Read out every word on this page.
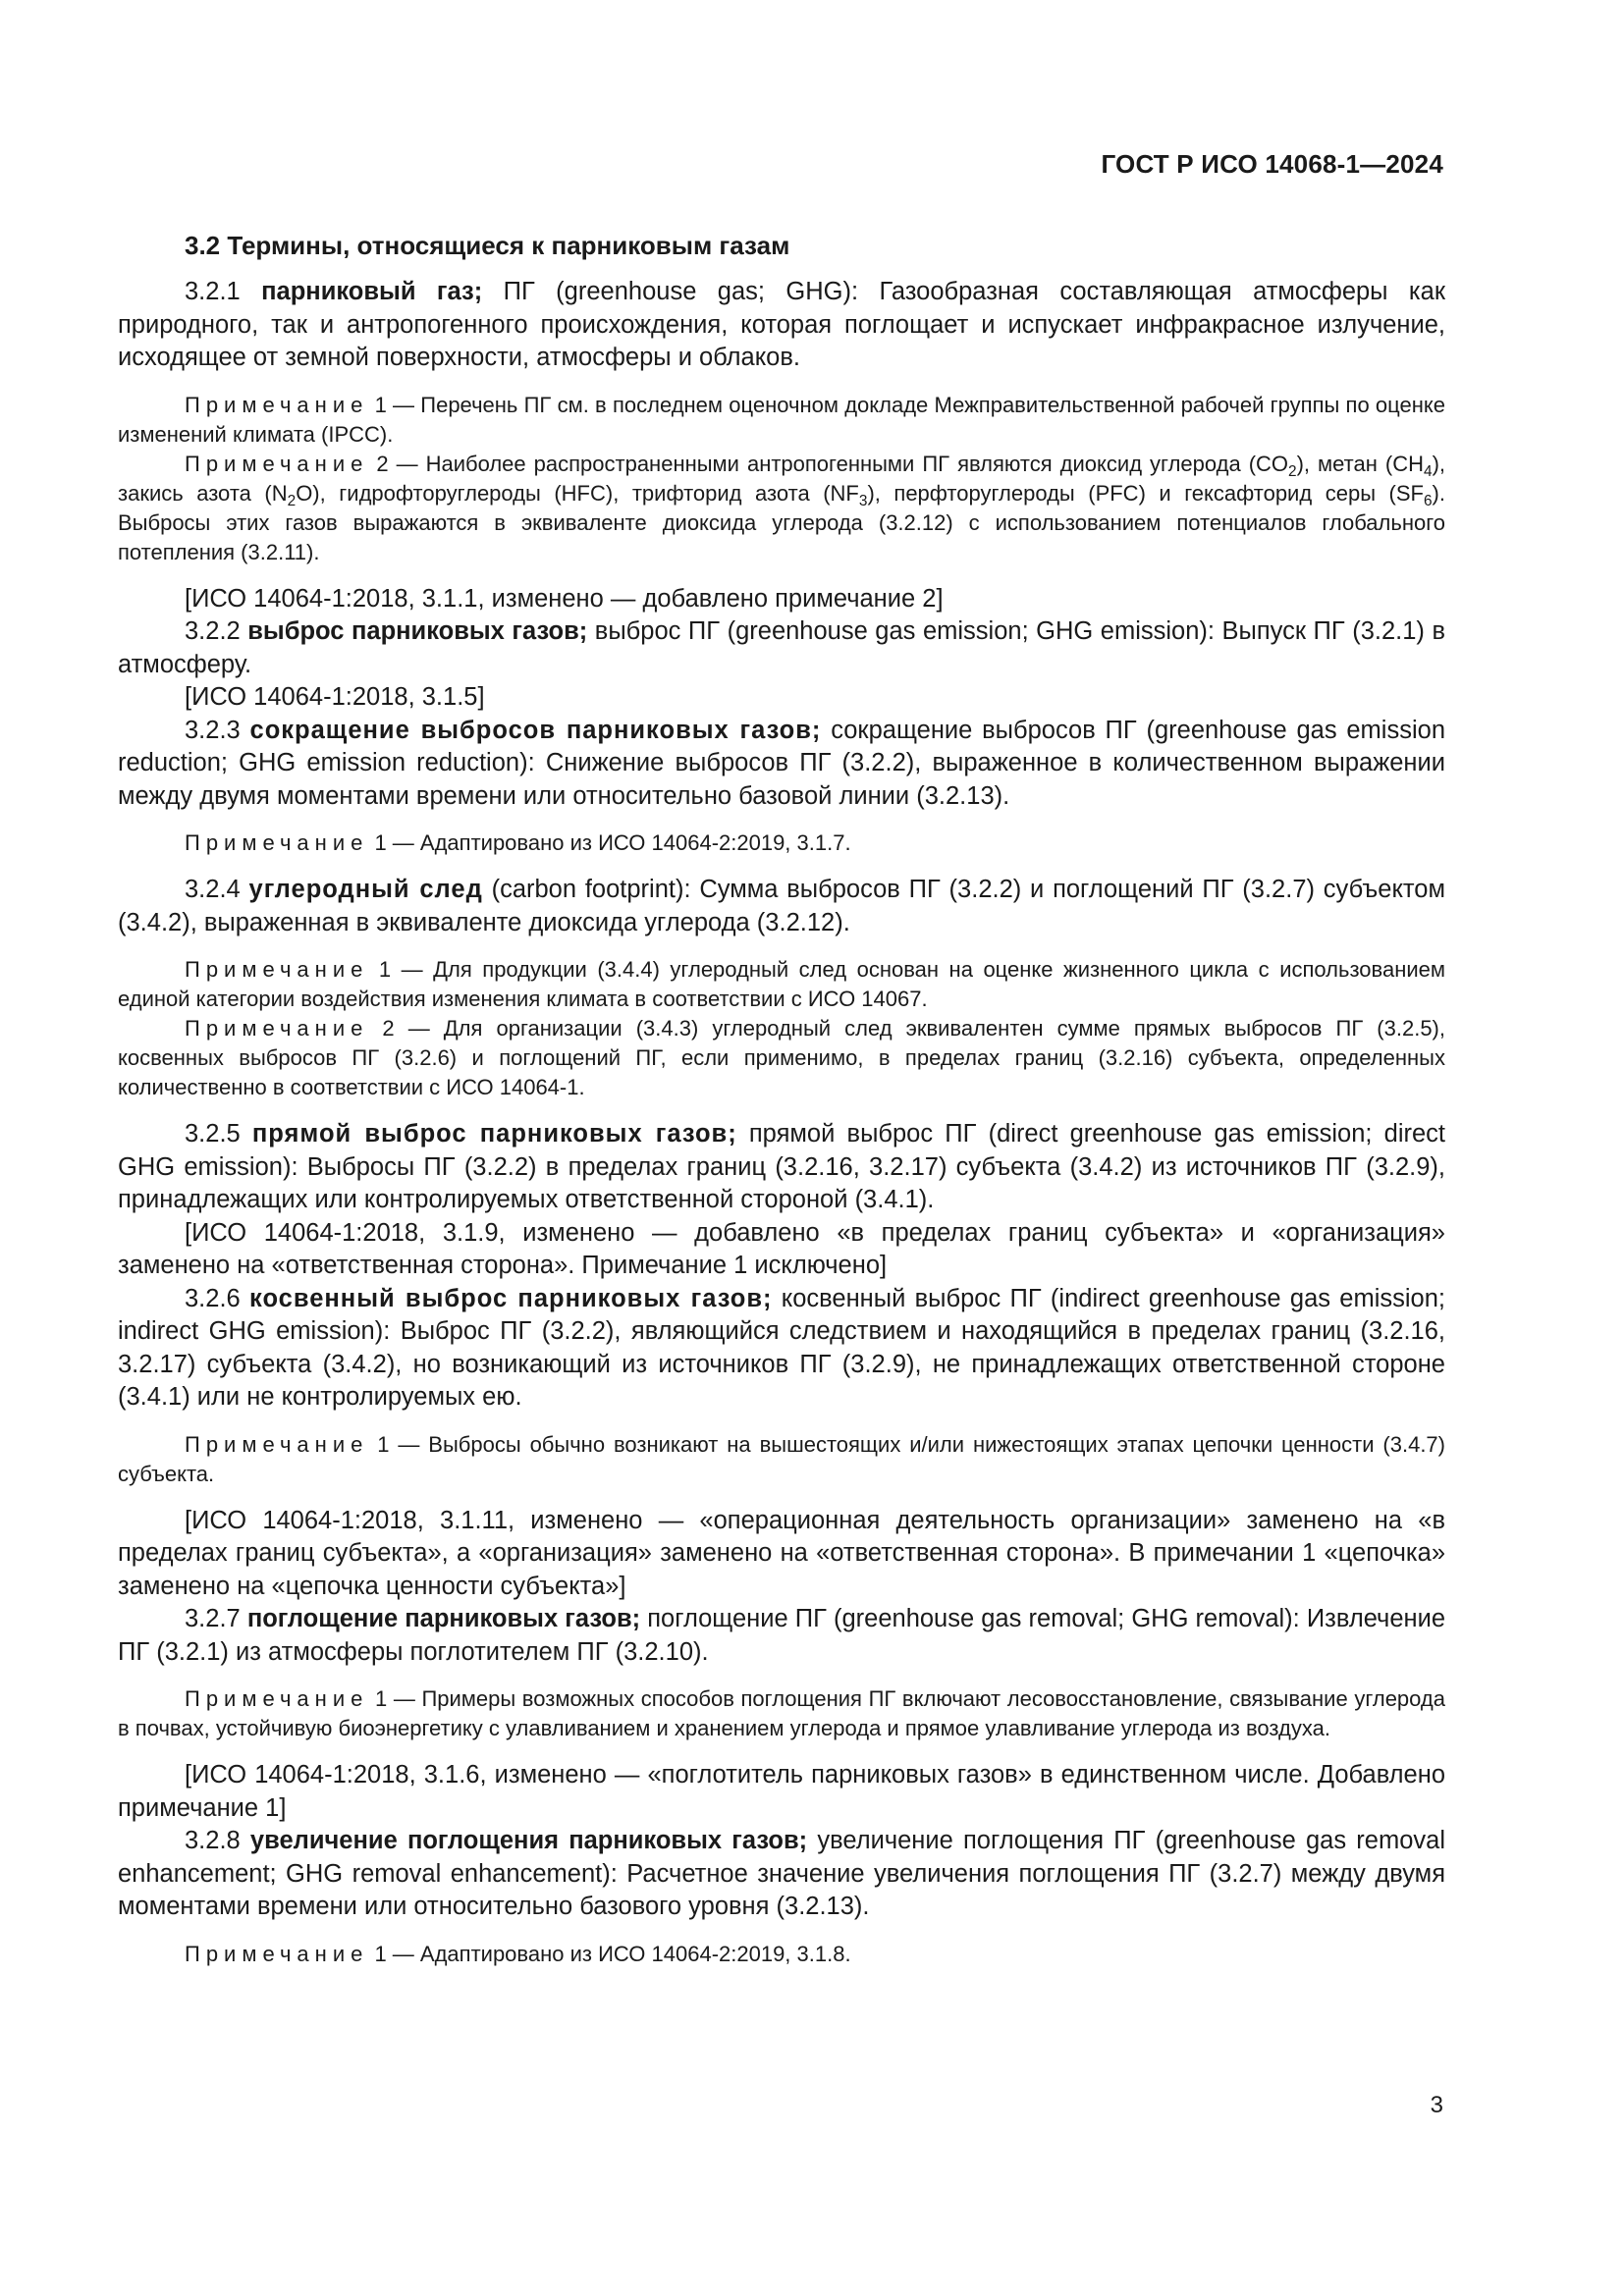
ГОСТ Р ИСО 14068-1—2024
3.2 Термины, относящиеся к парниковым газам

3.2.1 парниковый газ; ПГ (greenhouse gas; GHG): Газообразная составляющая атмосферы как природного, так и антропогенного происхождения, которая поглощает и испускает инфракрасное излучение, исходящее от земной поверхности, атмосферы и облаков.

Примечание 1 — Перечень ПГ см. в последнем оценочном докладе Межправительственной рабочей группы по оценке изменений климата (IPCC).

Примечание 2 — Наиболее распространенными антропогенными ПГ являются диоксид углерода $(CO_2)$, метан $(CH_4)$, закись азота $(N_2O)$, гидрофторуглероды (HFC), трифторид азота $(NF_3)$, перфторуглероды (PFC) и гексафторид серы $(SF_6)$. Выбросы этих газов выражаются в эквиваленте диоксида углерода (3.2.12) с использованием потенциалов глобального потепления (3.2.11).

[ИСО 14064-1:2018, 3.1.1, изменено — добавлено примечание 2]

3.2.2 выброс парниковых газов; выброс ПГ (greenhouse gas emission; GHG emission): Выпуск ПГ (3.2.1) в атмосферу.

[ИСО 14064-1:2018, 3.1.5]

3.2.3 сокращение выбросов парниковых газов; сокращение выбросов ПГ (greenhouse gas emission reduction; GHG emission reduction): Снижение выбросов ПГ (3.2.2), выраженное в количественном выражении между двумя моментами времени или относительно базовой линии (3.2.13).

Примечание 1 — Адаптировано из ИСО 14064-2:2019, 3.1.7.

3.2.4 углеродный след (carbon footprint): Сумма выбросов ПГ (3.2.2) и поглощений ПГ (3.2.7) субъектом (3.4.2), выраженная в эквиваленте диоксида углерода (3.2.12).

Примечание 1 — Для продукции (3.4.4) углеродный след основан на оценке жизненного цикла с использованием единой категории воздействия изменения климата в соответствии с ИСО 14067.

Примечание 2 — Для организации (3.4.3) углеродный след эквивалентен сумме прямых выбросов ПГ (3.2.5), косвенных выбросов ПГ (3.2.6) и поглощений ПГ, если применимо, в пределах границ (3.2.16) субъекта, определенных количественно в соответствии с ИСО 14064-1.

3.2.5 прямой выброс парниковых газов; прямой выброс ПГ (direct greenhouse gas emission; direct GHG emission): Выбросы ПГ (3.2.2) в пределах границ (3.2.16, 3.2.17) субъекта (3.4.2) из источников ПГ (3.2.9), принадлежащих или контролируемых ответственной стороной (3.4.1).

[ИСО 14064-1:2018, 3.1.9, изменено — добавлено «в пределах границ субъекта» и «организация» заменено на «ответственная сторона». Примечание 1 исключено]

3.2.6 косвенный выброс парниковых газов; косвенный выброс ПГ (indirect greenhouse gas emission; indirect GHG emission): Выброс ПГ (3.2.2), являющийся следствием и находящийся в пределах границ (3.2.16, 3.2.17) субъекта (3.4.2), но возникающий из источников ПГ (3.2.9), не принадлежащих ответственной стороне (3.4.1) или не контролируемых ею.

Примечание 1 — Выбросы обычно возникают на вышестоящих и/или нижестоящих этапах цепочки ценности (3.4.7) субъекта.

[ИСО 14064-1:2018, 3.1.11, изменено — «операционная деятельность организации» заменено на «в пределах границ субъекта», а «организация» заменено на «ответственная сторона». В примечании 1 «цепочка» заменено на «цепочка ценности субъекта»]

3.2.7 поглощение парниковых газов; поглощение ПГ (greenhouse gas removal; GHG removal): Извлечение ПГ (3.2.1) из атмосферы поглотителем ПГ (3.2.10).

Примечание 1 — Примеры возможных способов поглощения ПГ включают лесовосстановление, связывание углерода в почвах, устойчивую биоэнергетику с улавливанием и хранением углерода и прямое улавливание углерода из воздуха.

[ИСО 14064-1:2018, 3.1.6, изменено — «поглотитель парниковых газов» в единственном числе. Добавлено примечание 1]

3.2.8 увеличение поглощения парниковых газов; увеличение поглощения ПГ (greenhouse gas removal enhancement; GHG removal enhancement): Расчетное значение увеличения поглощения ПГ (3.2.7) между двумя моментами времени или относительно базового уровня (3.2.13).

Примечание 1 — Адаптировано из ИСО 14064-2:2019, 3.1.8.

3
